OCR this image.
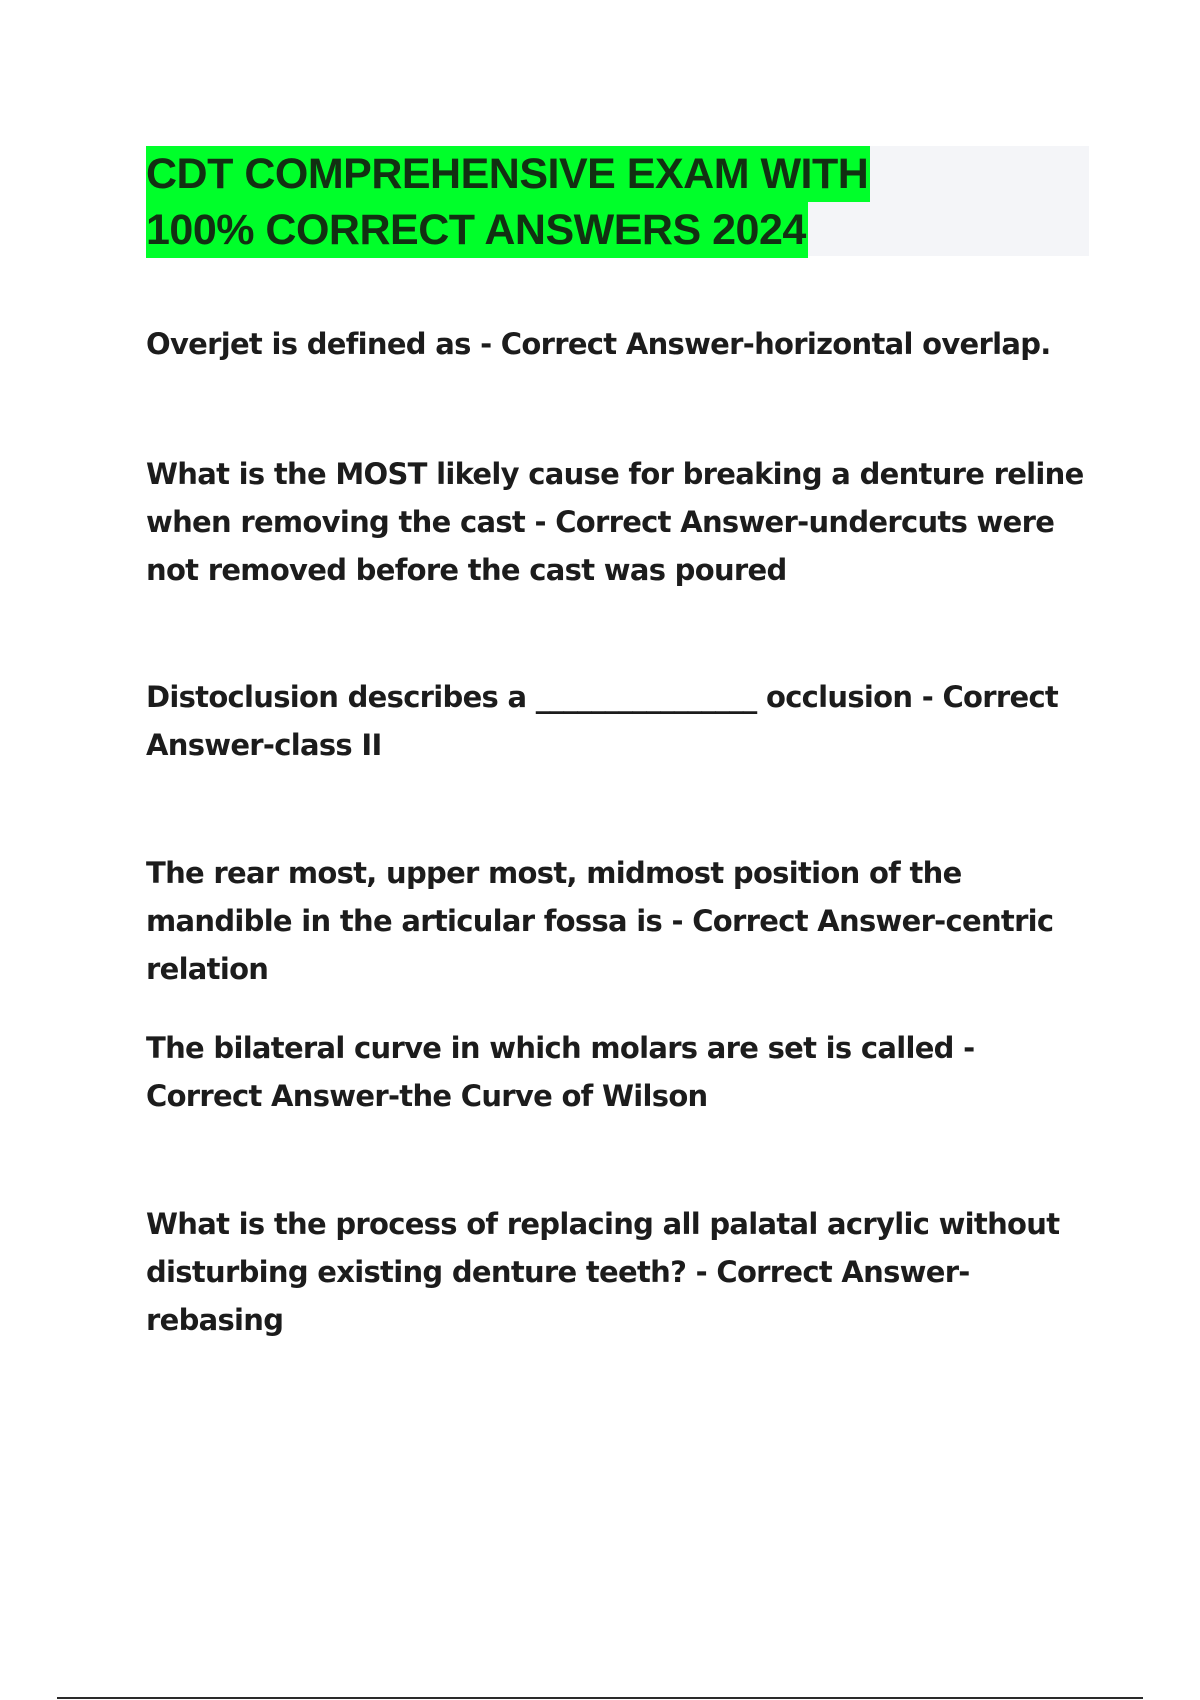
CDT COMPREHENSIVE EXAM WITH
100% CORRECT ANSWERS 2024

Overjet is defined as - Correct Answer-horizontal overlap.

What is the MOST likely cause for breaking a denture reline when removing the cast - Correct Answer-undercuts were not removed before the cast was poured

Distoclusion describes a ________________ occlusion - Correct Answer-class II

The rear most, upper most, midmost position of the mandible in the articular fossa is - Correct Answer-centric relation

The bilateral curve in which molars are set is called - Correct Answer-the Curve of Wilson

What is the process of replacing all palatal acrylic without disturbing existing denture teeth? - Correct Answer-rebasing
